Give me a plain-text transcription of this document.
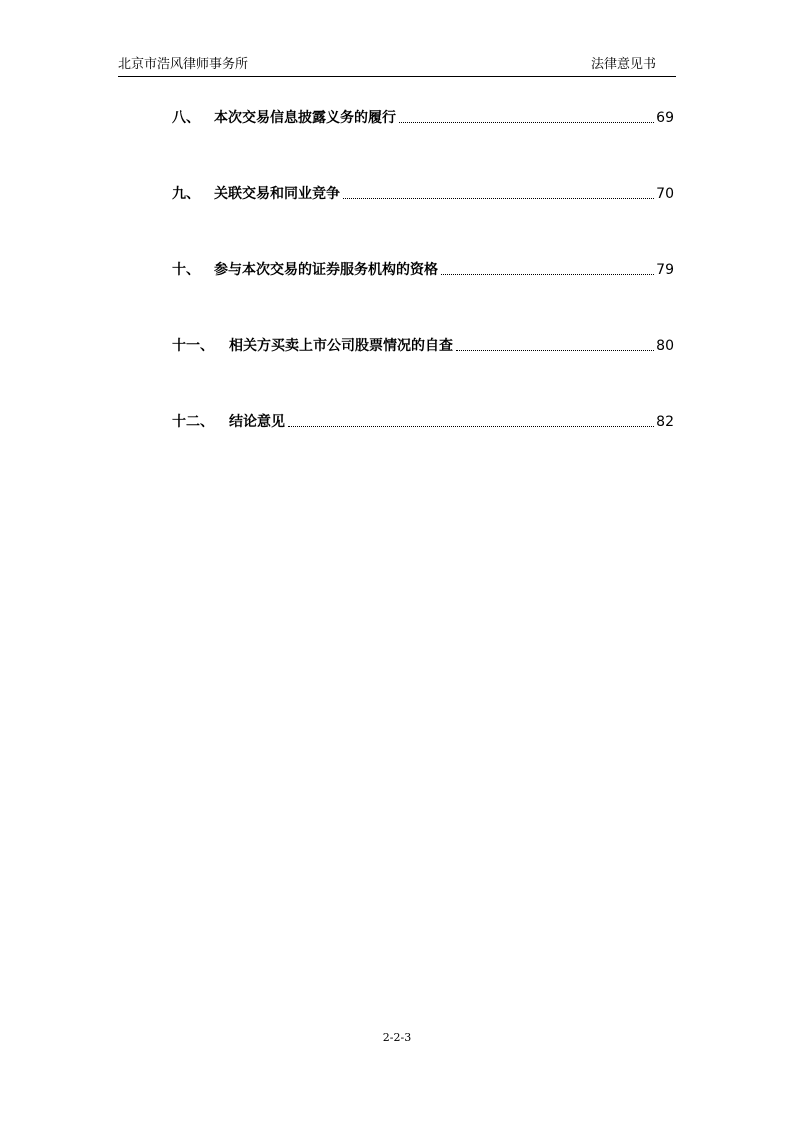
北京市浩风律师事务所	法律意见书
八、	本次交易信息披露义务的履行	69
九、	关联交易和同业竞争	70
十、	参与本次交易的证券服务机构的资格	79
十一、	相关方买卖上市公司股票情况的自查	80
十二、	结论意见	82
2-2-3
